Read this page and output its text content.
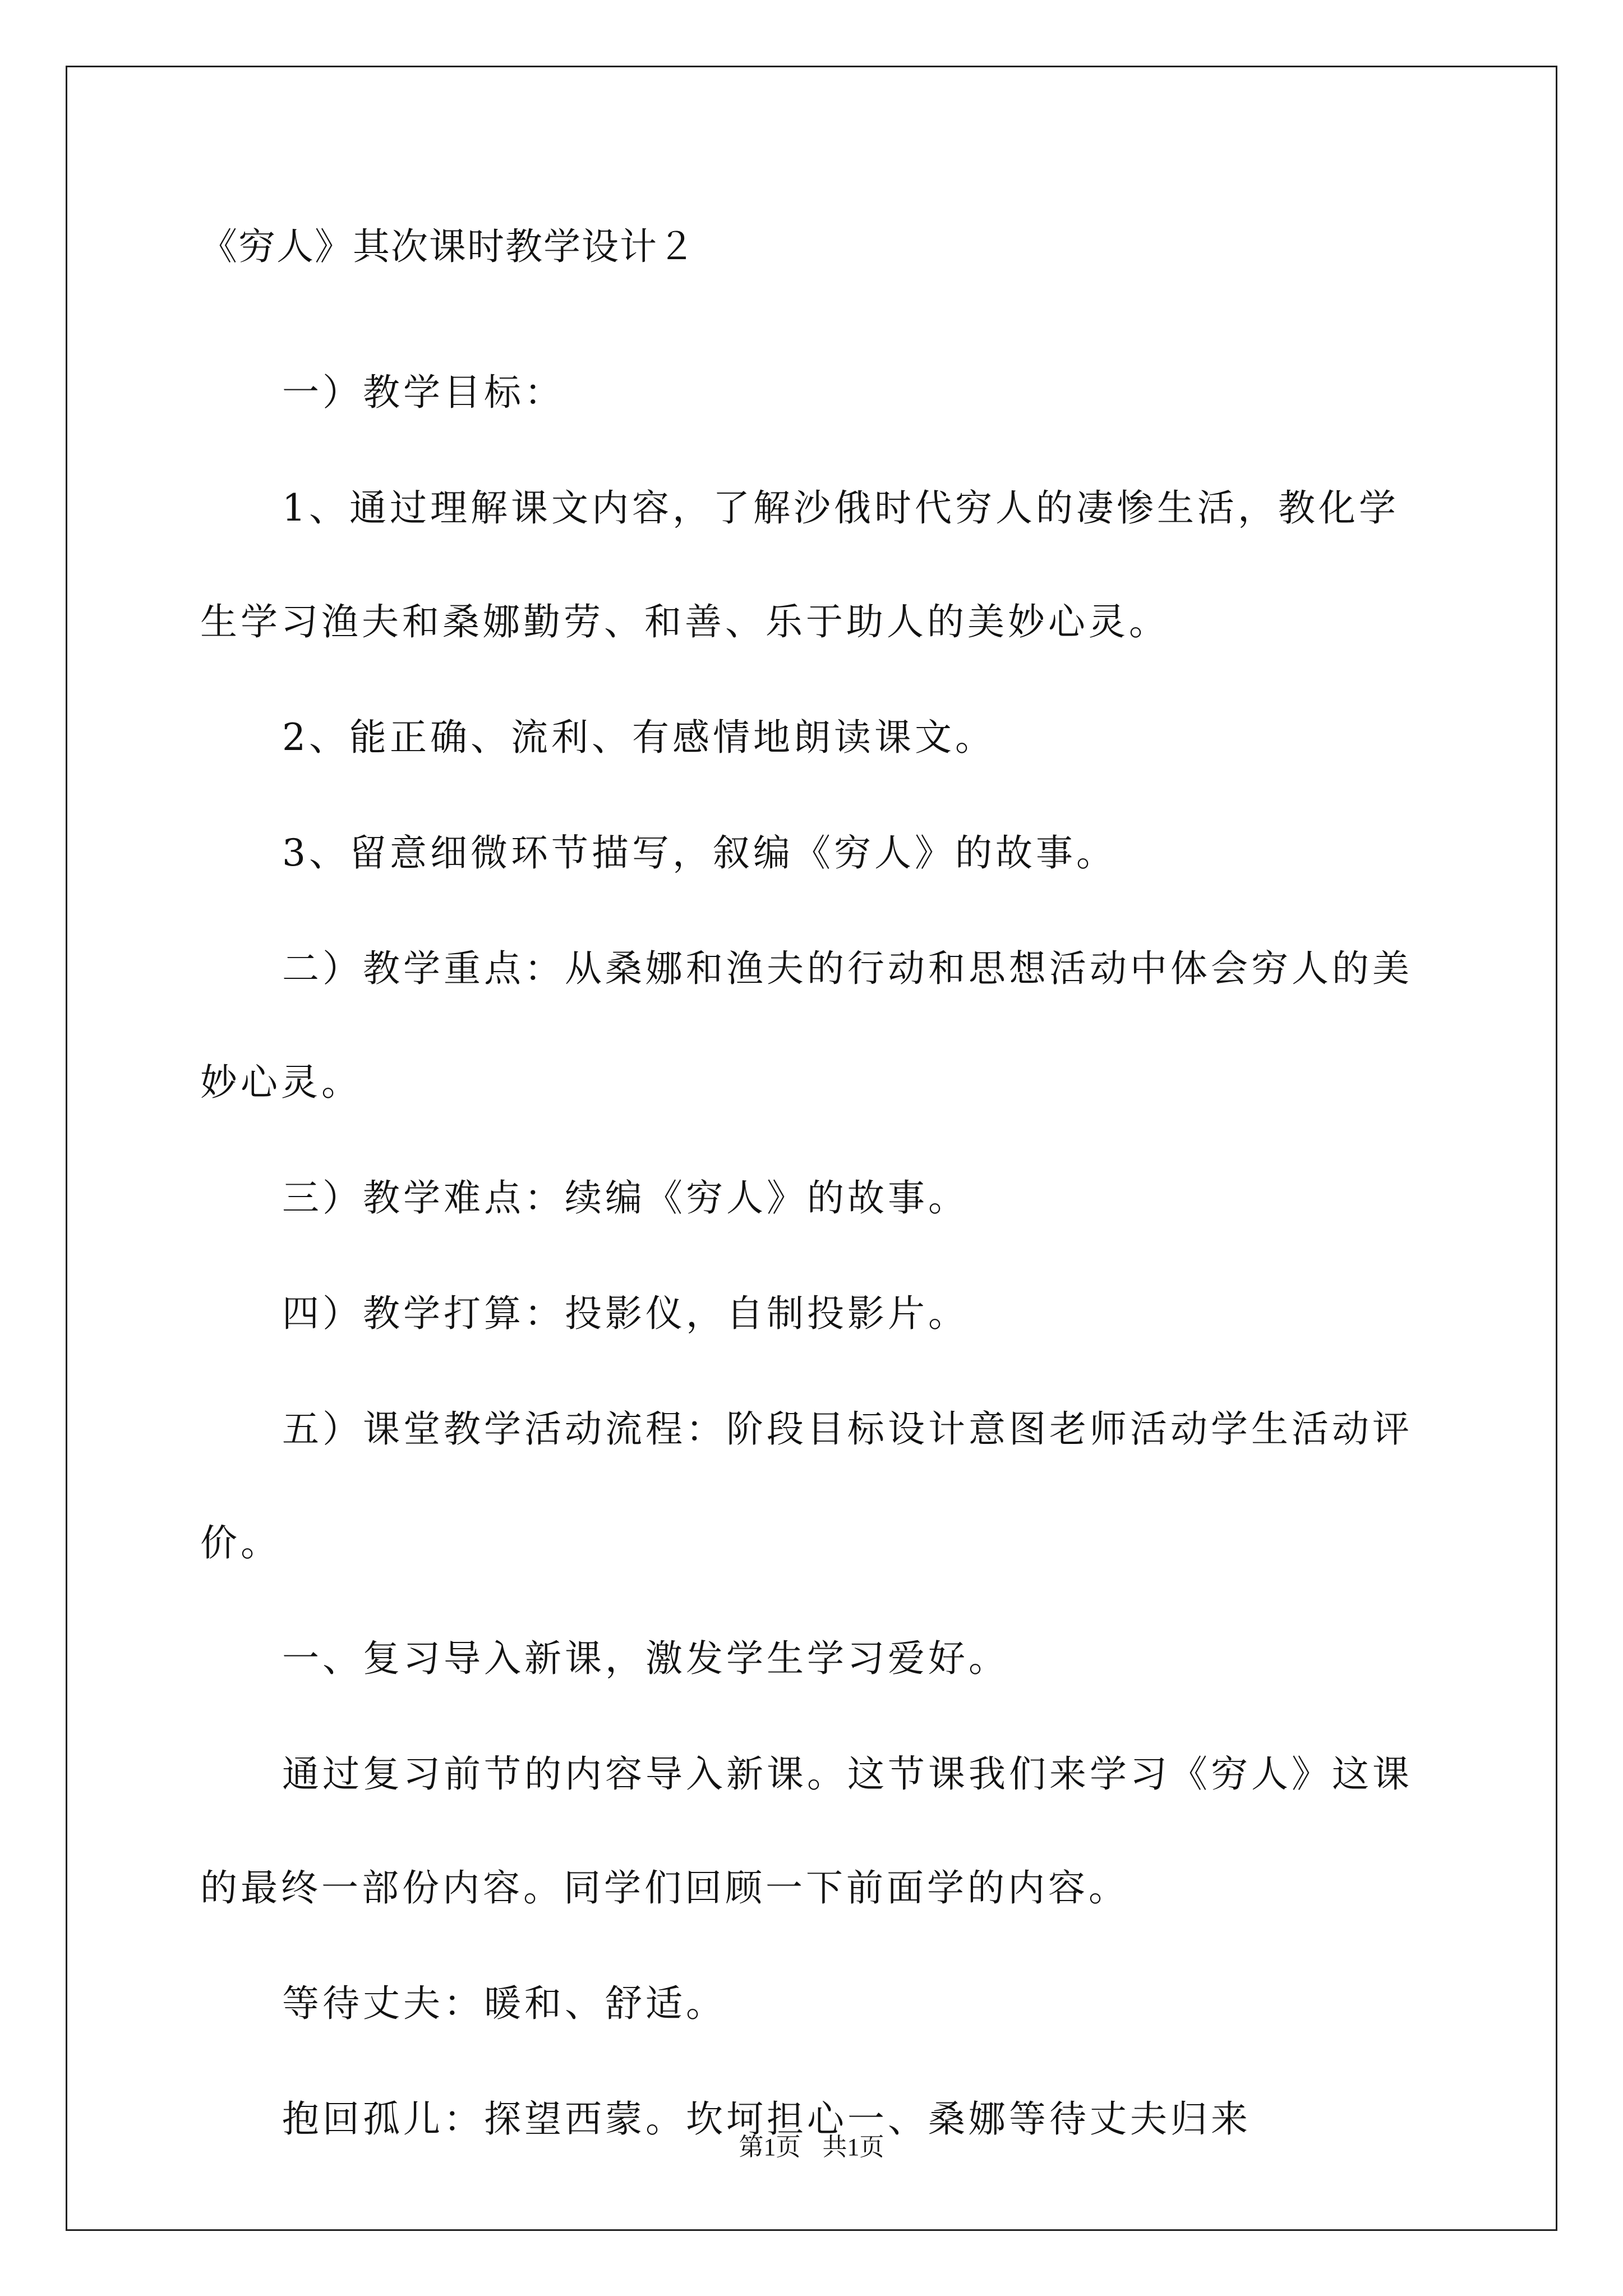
《穷人》其次课时教学设计２

一）教学目标：

1、通过理解课文内容，了解沙俄时代穷人的凄惨生活，教化学生学习渔夫和桑娜勤劳、和善、乐于助人的美妙心灵。

2、能正确、流利、有感情地朗读课文。

3、留意细微环节描写，叙编《穷人》的故事。

二）教学重点：从桑娜和渔夫的行动和思想活动中体会穷人的美妙心灵。

三）教学难点：续编《穷人》的故事。

四）教学打算：投影仪，自制投影片。

五）课堂教学活动流程：阶段目标设计意图老师活动学生活动评价。

一、复习导入新课，激发学生学习爱好。

通过复习前节的内容导入新课。这节课我们来学习《穷人》这课的最终一部份内容。同学们回顾一下前面学的内容。

等待丈夫：暖和、舒适。

抱回孤儿：探望西蒙。坎坷担心一、桑娜等待丈夫归来

第1页 共1页
